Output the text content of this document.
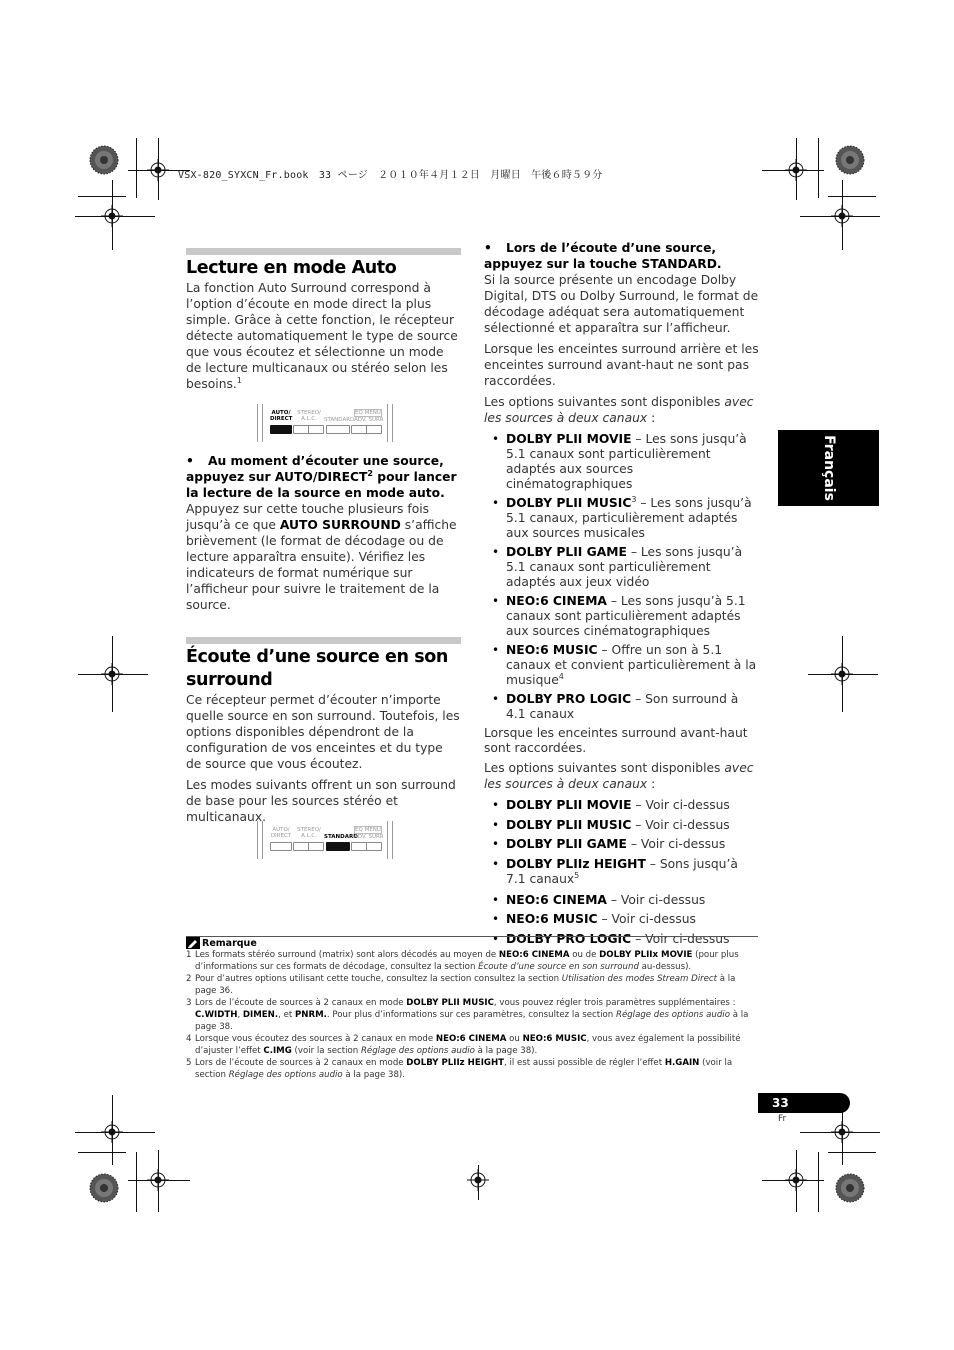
VSX-820_SYXCN_Fr.book　33 ページ　２０１０年４月１２日　月曜日　午後６時５９分
Lecture en mode Auto

La fonction Auto Surround correspond à l’option d’écoute en mode direct la plus simple. Grâce à cette fonction, le récepteur détecte automatiquement le type de source que vous écoutez et sélectionne un mode de lecture multicanaux ou stéréo selon les besoins.$^1$

AUTO/
DIRECT
STEREO/
A.L.C.	STANDARD
EQ MENU
ADV. SURR

• Au moment d’écouter une source, appuyez sur AUTO/DIRECT$^2$ pour lancer la lecture de la source en mode auto.

Appuyez sur cette touche plusieurs fois jusqu’à ce que AUTO SURROUND s’affiche brièvement (le format de décodage ou de lecture apparaîtra ensuite). Vérifiez les indicateurs de format numérique sur l’afficheur pour suivre le traitement de la source.

Écoute d’une source en son surround

Ce récepteur permet d’écouter n’importe quelle source en son surround. Toutefois, les options disponibles dépendront de la configuration de vos enceintes et du type de source que vous écoutez.

Les modes suivants offrent un son surround de base pour les sources stéréo et multicanaux.

AUTO/
DIRECT
STEREO/
A.L.C.	STANDARD
EQ MENU
ADV. SURR

• Lors de l’écoute d’une source, appuyez sur la touche STANDARD.

Si la source présente un encodage Dolby Digital, DTS ou Dolby Surround, le format de décodage adéquat sera automatiquement sélectionné et apparaîtra sur l’afficheur.

Lorsque les enceintes surround arrière et les enceintes surround avant-haut ne sont pas raccordées.

Les options suivantes sont disponibles avec les sources à deux canaux :

• DOLBY PLII MOVIE – Les sons jusqu’à 5.1 canaux sont particulièrement adaptés aux sources cinématographiques
• DOLBY PLII MUSIC$^3$ – Les sons jusqu’à 5.1 canaux, particulièrement adaptés aux sources musicales
• DOLBY PLII GAME – Les sons jusqu’à 5.1 canaux sont particulièrement adaptés aux jeux vidéo
• NEO:6 CINEMA – Les sons jusqu’à 5.1 canaux sont particulièrement adaptés aux sources cinématographiques
• NEO:6 MUSIC – Offre un son à 5.1 canaux et convient particulièrement à la musique$^4$
• DOLBY PRO LOGIC – Son surround à 4.1 canaux

Lorsque les enceintes surround avant-haut sont raccordées.

Les options suivantes sont disponibles avec les sources à deux canaux :

• DOLBY PLII MOVIE – Voir ci-dessus
• DOLBY PLII MUSIC – Voir ci-dessus
• DOLBY PLII GAME – Voir ci-dessus
• DOLBY PLIIz HEIGHT – Sons jusqu’à 7.1 canaux$^5$
• NEO:6 CINEMA – Voir ci-dessus
• NEO:6 MUSIC – Voir ci-dessus
• DOLBY PRO LOGIC – Voir ci-dessus
Français
Remarque

1 Les formats stéréo surround (matrix) sont alors décodés au moyen de NEO:6 CINEMA ou de DOLBY PLIIx MOVIE (pour plus d’informations sur ces formats de décodage, consultez la section Écoute d’une source en son surround au-dessus).

2 Pour d’autres options utilisant cette touche, consultez la section consultez la section Utilisation des modes Stream Direct à la page 36.

3 Lors de l’écoute de sources à 2 canaux en mode DOLBY PLII MUSIC, vous pouvez régler trois paramètres supplémentaires : C.WIDTH, DIMEN., et PNRM.. Pour plus d’informations sur ces paramètres, consultez la section Réglage des options audio à la page 38.

4 Lorsque vous écoutez des sources à 2 canaux en mode NEO:6 CINEMA ou NEO:6 MUSIC, vous avez également la possibilité d’ajuster l’effet C.IMG (voir la section Réglage des options audio à la page 38).

5 Lors de l’écoute de sources à 2 canaux en mode DOLBY PLIIz HEIGHT, il est aussi possible de régler l’effet H.GAIN (voir la section Réglage des options audio à la page 38).

33
Fr
